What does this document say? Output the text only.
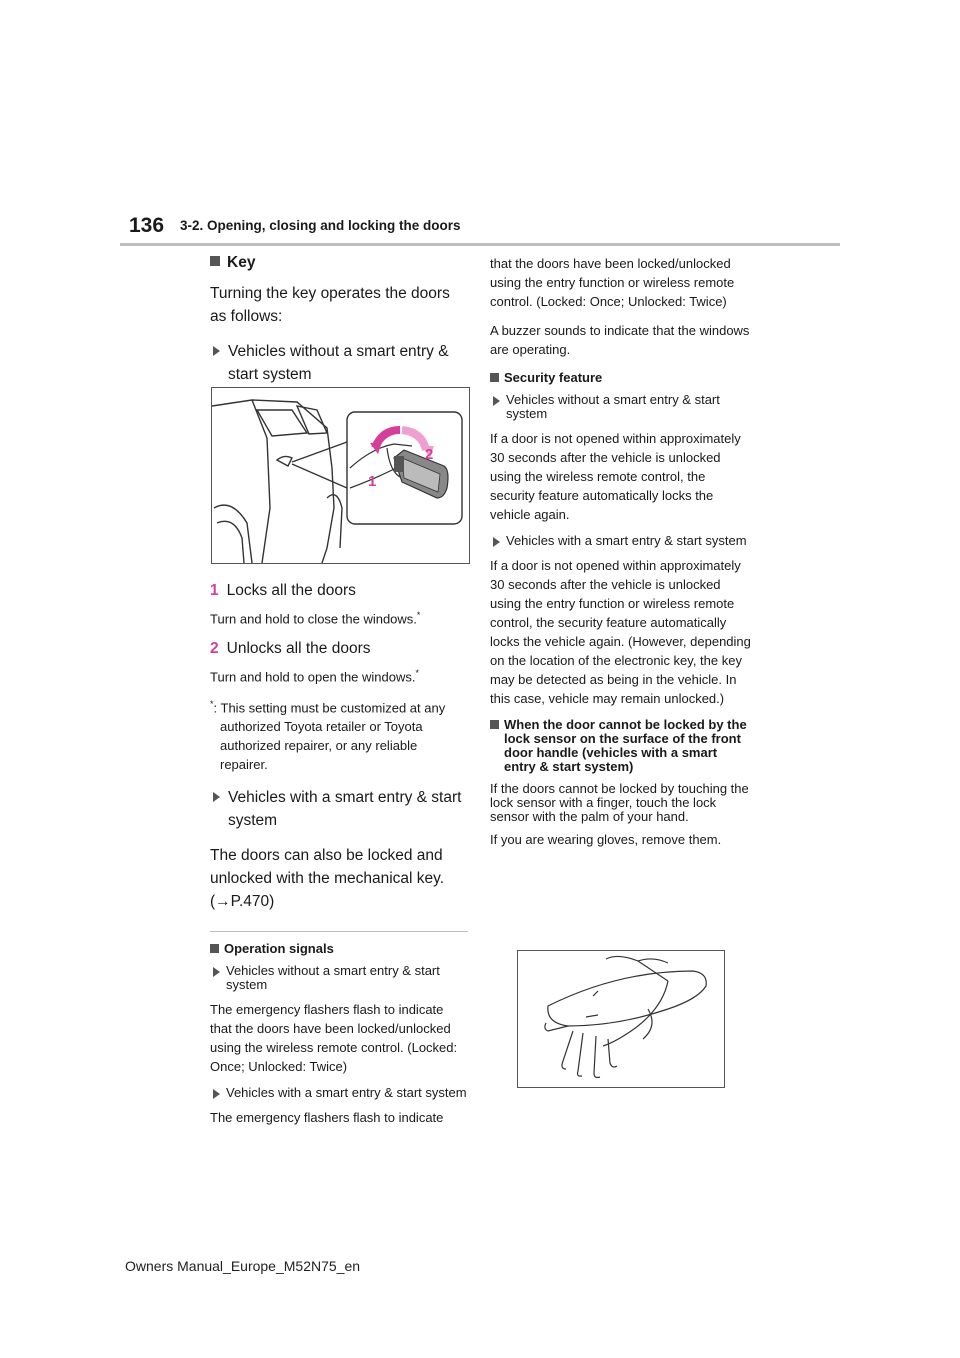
136 3-2. Opening, closing and locking the doors
Key

Turning the key operates the doors as follows:

Vehicles without a smart entry & start system
1 Locks all the doors
Turn and hold to close the windows.*
2 Unlocks all the doors
Turn and hold to open the windows.*
*: This setting must be customized at any authorized Toyota retailer or Toyota authorized repairer, or any reliable repairer.
Vehicles with a smart entry & start system

The doors can also be locked and unlocked with the mechanical key.
(→P.470)

Operation signals
Vehicles without a smart entry & start system

The emergency flashers flash to indicate that the doors have been locked/unlocked using the wireless remote control. (Locked: Once; Unlocked: Twice)

Vehicles with a smart entry & start system

The emergency flashers flash to indicate

1
2

that the doors have been locked/unlocked using the entry function or wireless remote control. (Locked: Once; Unlocked: Twice)

A buzzer sounds to indicate that the windows are operating.

Security feature
Vehicles without a smart entry & start system

If a door is not opened within approximately 30 seconds after the vehicle is unlocked using the wireless remote control, the security feature automatically locks the vehicle again.

Vehicles with a smart entry & start system

If a door is not opened within approximately 30 seconds after the vehicle is unlocked using the entry function or wireless remote control, the security feature automatically locks the vehicle again. (However, depending on the location of the electronic key, the key may be detected as being in the vehicle. In this case, vehicle may remain unlocked.)

When the door cannot be locked by the lock sensor on the surface of the front door handle (vehicles with a smart entry & start system)

If the doors cannot be locked by touching the lock sensor with a finger, touch the lock sensor with the palm of your hand.

If you are wearing gloves, remove them.

Owners Manual_Europe_M52N75_en
